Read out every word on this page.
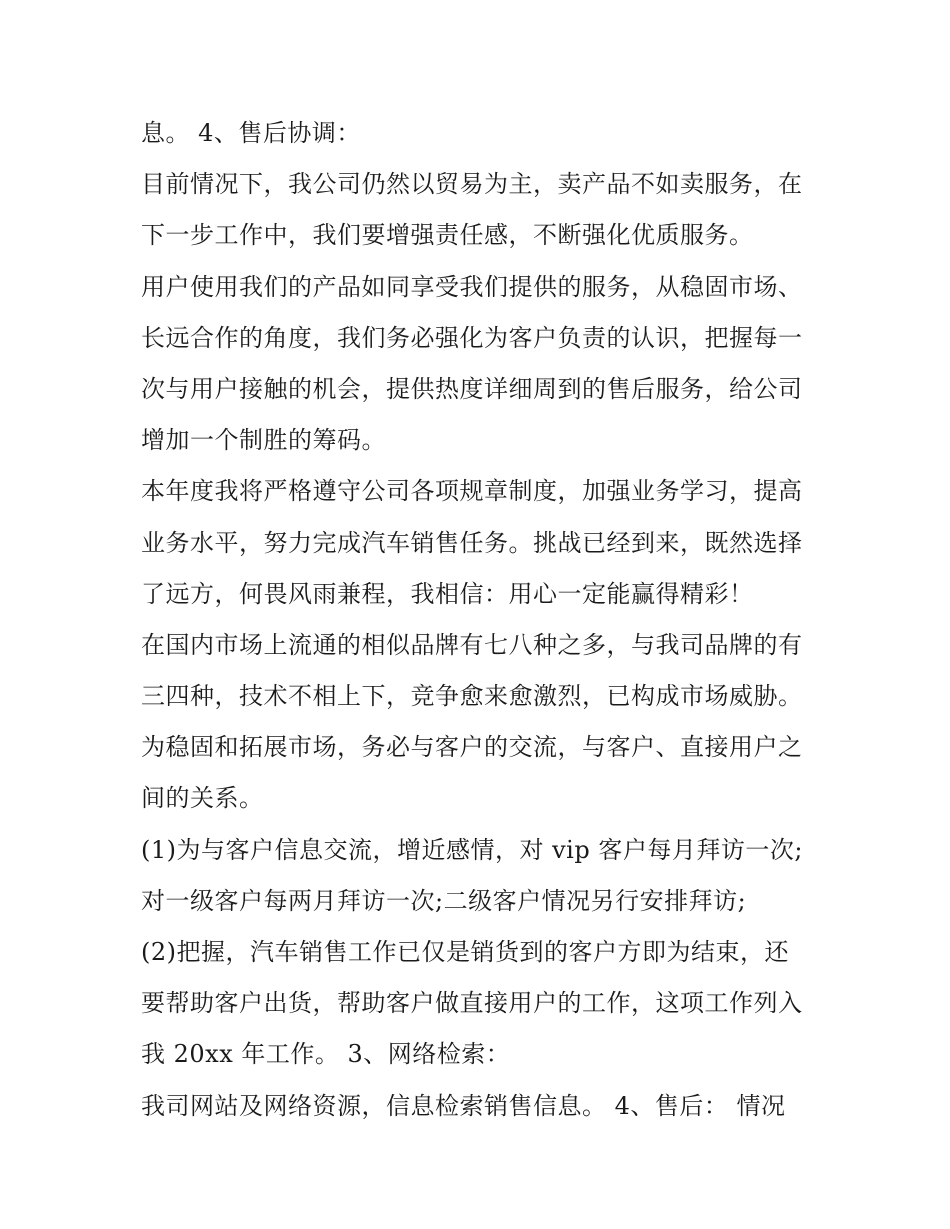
息。 4、售后协调：
目前情况下，我公司仍然以贸易为主，卖产品不如卖服务，在
下一步工作中，我们要增强责任感，不断强化优质服务。
用户使用我们的产品如同享受我们提供的服务，从稳固市场、
长远合作的角度，我们务必强化为客户负责的认识，把握每一
次与用户接触的机会，提供热度详细周到的售后服务，给公司
增加一个制胜的筹码。
本年度我将严格遵守公司各项规章制度，加强业务学习，提高
业务水平，努力完成汽车销售任务。挑战已经到来，既然选择
了远方，何畏风雨兼程，我相信：用心一定能赢得精彩！
在国内市场上流通的相似品牌有七八种之多，与我司品牌的有
三四种，技术不相上下，竞争愈来愈激烈，已构成市场威胁。
为稳固和拓展市场，务必与客户的交流，与客户、直接用户之
间的关系。
(1)为与客户信息交流，增近感情，对 vip 客户每月拜访一次;
对一级客户每两月拜访一次;二级客户情况另行安排拜访;
(2)把握，汽车销售工作已仅是销货到的客户方即为结束，还
要帮助客户出货，帮助客户做直接用户的工作，这项工作列入
我 20xx 年工作。 3、网络检索：
我司网站及网络资源，信息检索销售信息。 4、售后： 情况
